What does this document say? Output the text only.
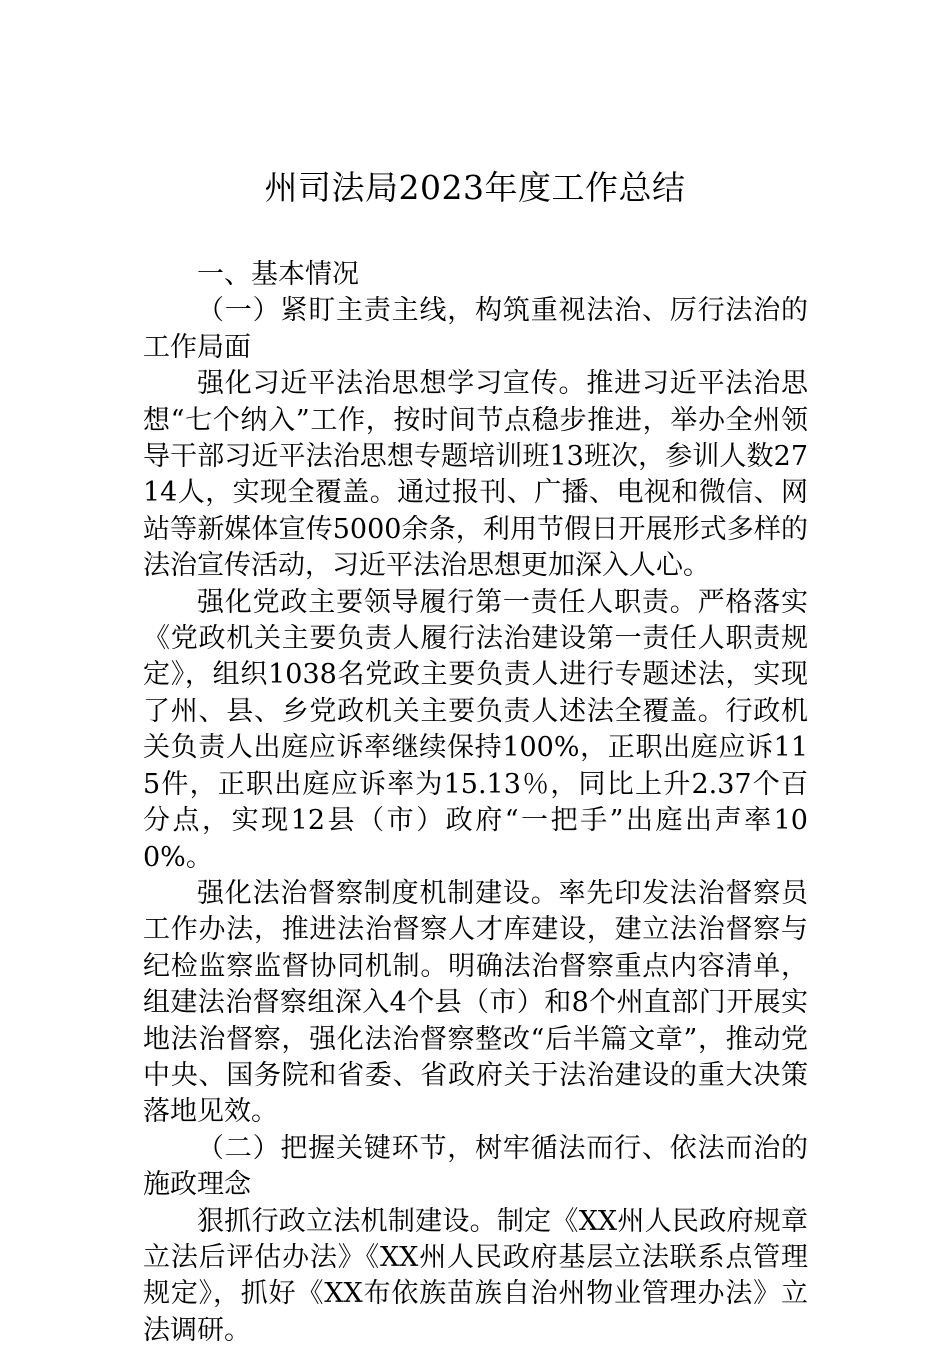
州司法局2023年度工作总结

一、基本情况

（一）紧盯主责主线，构筑重视法治、厉行法治的工作局面

强化习近平法治思想学习宣传。推进习近平法治思想“七个纳入”工作，按时间节点稳步推进，举办全州领导干部习近平法治思想专题培训班13班次，参训人数2714人，实现全覆盖。通过报刊、广播、电视和微信、网站等新媒体宣传5000余条，利用节假日开展形式多样的法治宣传活动，习近平法治思想更加深入人心。

强化党政主要领导履行第一责任人职责。严格落实《党政机关主要负责人履行法治建设第一责任人职责规定》，组织1038名党政主要负责人进行专题述法，实现了州、县、乡党政机关主要负责人述法全覆盖。行政机关负责人出庭应诉率继续保持100%，正职出庭应诉115件，正职出庭应诉率为15.13％，同比上升2.37个百分点，实现12县（市）政府“一把手”出庭出声率100%。

强化法治督察制度机制建设。率先印发法治督察员工作办法，推进法治督察人才库建设，建立法治督察与纪检监察监督协同机制。明确法治督察重点内容清单，组建法治督察组深入4个县（市）和8个州直部门开展实地法治督察，强化法治督察整改“后半篇文章”，推动党中央、国务院和省委、省政府关于法治建设的重大决策落地见效。

（二）把握关键环节，树牢循法而行、依法而治的施政理念

狠抓行政立法机制建设。制定《XX州人民政府规章立法后评估办法》《XX州人民政府基层立法联系点管理规定》，抓好《XX布依族苗族自治州物业管理办法》立法调研。
